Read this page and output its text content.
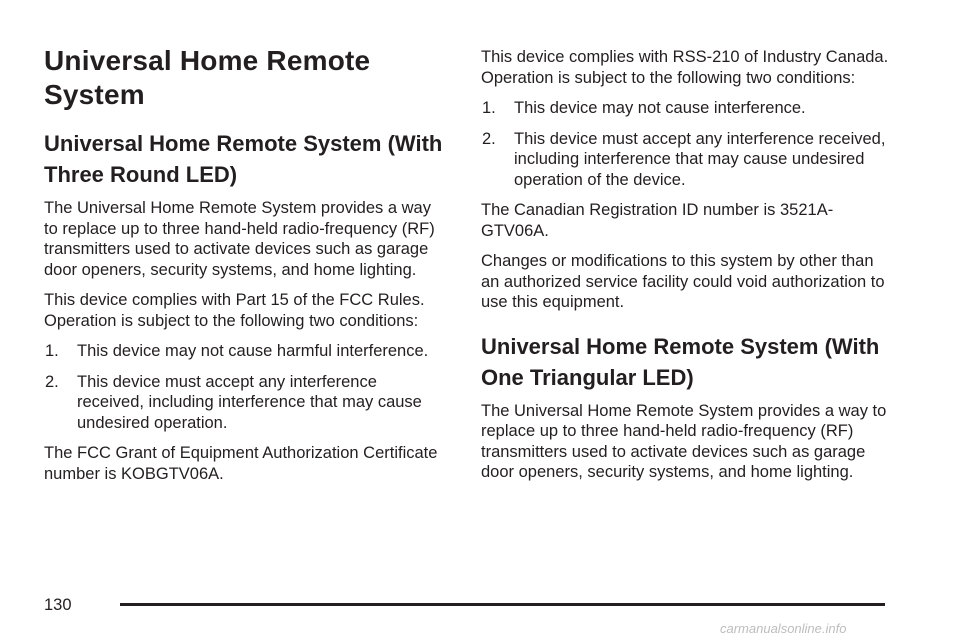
Universal Home Remote System
Universal Home Remote System (With Three Round LED)

The Universal Home Remote System provides a way to replace up to three hand-held radio-frequency (RF) transmitters used to activate devices such as garage door openers, security systems, and home lighting.

This device complies with Part 15 of the FCC Rules. Operation is subject to the following two conditions:

1. This device may not cause harmful interference.
2. This device must accept any interference received, including interference that may cause undesired operation.

The FCC Grant of Equipment Authorization Certificate number is KOBGTV06A.

This device complies with RSS-210 of Industry Canada. Operation is subject to the following two conditions:

1. This device may not cause interference.
2. This device must accept any interference received, including interference that may cause undesired operation of the device.

The Canadian Registration ID number is 3521A-GTV06A.

Changes or modifications to this system by other than an authorized service facility could void authorization to use this equipment.

Universal Home Remote System (With One Triangular LED)

The Universal Home Remote System provides a way to replace up to three hand-held radio-frequency (RF) transmitters used to activate devices such as garage door openers, security systems, and home lighting.

130
carmanualsonline.info
